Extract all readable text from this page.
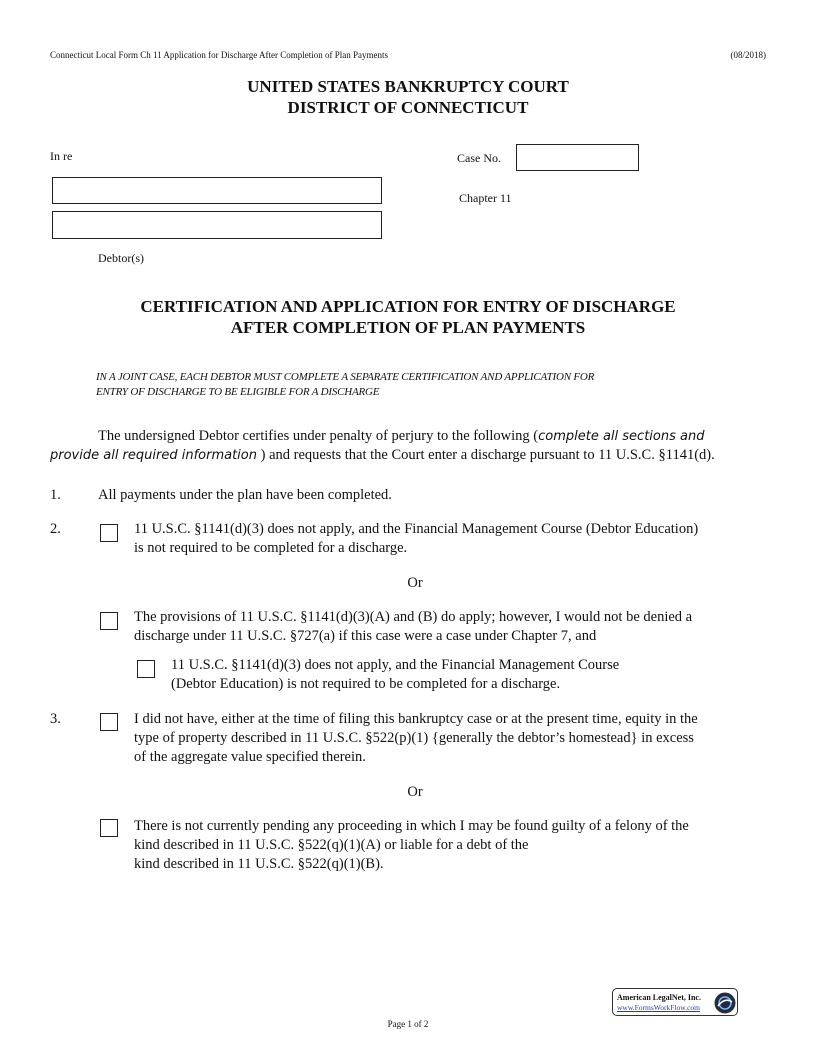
Connecticut Local Form Ch 11 Application for Discharge After Completion of Plan Payments	(08/2018)
UNITED STATES BANKRUPTCY COURT
DISTRICT OF CONNECTICUT
In re	Case No.
Chapter 11
Debtor(s)
CERTIFICATION AND APPLICATION FOR ENTRY OF DISCHARGE
AFTER COMPLETION OF PLAN PAYMENTS
IN A JOINT CASE, EACH DEBTOR MUST COMPLETE A SEPARATE CERTIFICATION AND APPLICATION FOR
ENTRY OF DISCHARGE TO BE ELIGIBLE FOR A DISCHARGE
The undersigned Debtor certifies under penalty of perjury to the following (complete all sections and
provide all required information ) and requests that the Court enter a discharge pursuant to 11 U.S.C. §1141(d).
1.	All payments under the plan have been completed.
2.	11 U.S.C. §1141(d)(3) does not apply, and the Financial Management Course (Debtor Education)
is not required to be completed for a discharge.
Or
The provisions of 11 U.S.C. §1141(d)(3)(A) and (B) do apply; however, I would not be denied a
discharge under 11 U.S.C. §727(a) if this case were a case under Chapter 7, and
11 U.S.C. §1141(d)(3) does not apply, and the Financial Management Course
(Debtor Education) is not required to be completed for a discharge.
3.	I did not have, either at the time of filing this bankruptcy case or at the present time, equity in the
type of property described in 11 U.S.C. §522(p)(1) {generally the debtor’s homestead} in excess
of the aggregate value specified therein.
Or
There is not currently pending any proceeding in which I may be found guilty of a felony of the
kind described in 11 U.S.C. §522(q)(1)(A) or liable for a debt of the
kind described in 11 U.S.C. §522(q)(1)(B).
Page 1 of 2
American LegalNet, Inc.
www.FormsWorkFlow.com
